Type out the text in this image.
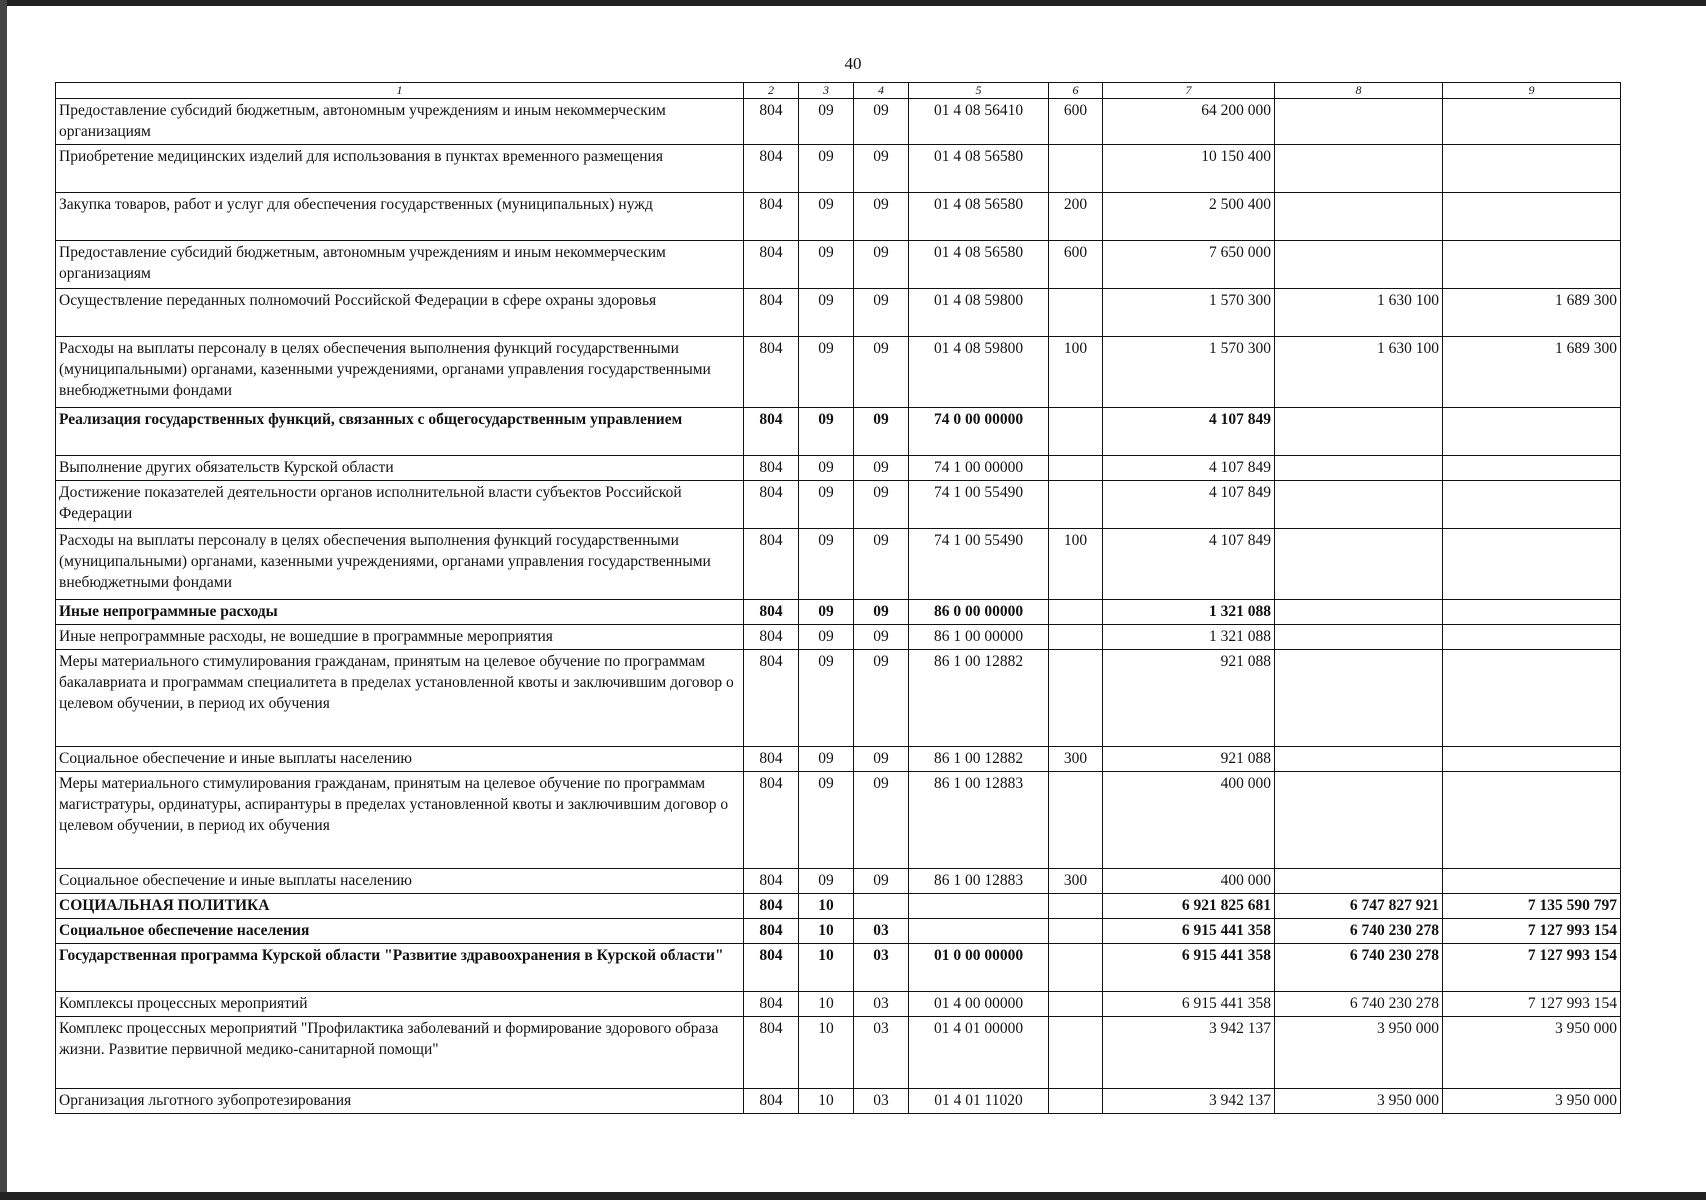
40
1	2	3	4	5	6	7	8	9
Предоставление субсидий бюджетным, автономным учреждениям и иным некоммерческим организациям	804	09	09	01 4 08 56410	600	64 200 000		
Приобретение медицинских изделий для использования в пунктах временного размещения	804	09	09	01 4 08 56580		10 150 400		
Закупка товаров, работ и услуг для обеспечения государственных (муниципальных) нужд	804	09	09	01 4 08 56580	200	2 500 400		
Предоставление субсидий бюджетным, автономным учреждениям и иным некоммерческим организациям	804	09	09	01 4 08 56580	600	7 650 000		
Осуществление переданных полномочий Российской Федерации в сфере охраны здоровья	804	09	09	01 4 08 59800		1 570 300	1 630 100	1 689 300
Расходы на выплаты персоналу в целях обеспечения выполнения функций государственными (муниципальными) органами, казенными учреждениями, органами управления государственными внебюджетными фондами	804	09	09	01 4 08 59800	100	1 570 300	1 630 100	1 689 300
Реализация государственных функций, связанных с общегосударственным управлением	804	09	09	74 0 00 00000		4 107 849		
Выполнение других обязательств Курской области	804	09	09	74 1 00 00000		4 107 849		
Достижение показателей деятельности органов исполнительной власти субъектов Российской Федерации	804	09	09	74 1 00 55490		4 107 849		
Расходы на выплаты персоналу в целях обеспечения выполнения функций государственными (муниципальными) органами, казенными учреждениями, органами управления государственными внебюджетными фондами	804	09	09	74 1 00 55490	100	4 107 849		
Иные непрограммные расходы	804	09	09	86 0 00 00000		1 321 088		
Иные непрограммные расходы, не вошедшие в программные мероприятия	804	09	09	86 1 00 00000		1 321 088		
Меры материального стимулирования гражданам, принятым на целевое обучение по программам бакалавриата и программам специалитета в пределах установленной квоты и заключившим договор о целевом обучении, в период их обучения	804	09	09	86 1 00 12882		921 088		
Социальное обеспечение и иные выплаты населению	804	09	09	86 1 00 12882	300	921 088		
Меры материального стимулирования гражданам, принятым на целевое обучение по программам магистратуры, ординатуры, аспирантуры в пределах установленной квоты и заключившим договор о целевом обучении, в период их обучения	804	09	09	86 1 00 12883		400 000		
Социальное обеспечение и иные выплаты населению	804	09	09	86 1 00 12883	300	400 000		
СОЦИАЛЬНАЯ ПОЛИТИКА	804	10				6 921 825 681	6 747 827 921	7 135 590 797
Социальное обеспечение населения	804	10	03			6 915 441 358	6 740 230 278	7 127 993 154
Государственная программа Курской области "Развитие здравоохранения в Курской области"	804	10	03	01 0 00 00000		6 915 441 358	6 740 230 278	7 127 993 154
Комплексы процессных мероприятий	804	10	03	01 4 00 00000		6 915 441 358	6 740 230 278	7 127 993 154
Комплекс процессных мероприятий "Профилактика заболеваний и формирование здорового образа жизни. Развитие первичной медико-санитарной помощи"	804	10	03	01 4 01 00000		3 942 137	3 950 000	3 950 000
Организация льготного зубопротезирования	804	10	03	01 4 01 11020		3 942 137	3 950 000	3 950 000
